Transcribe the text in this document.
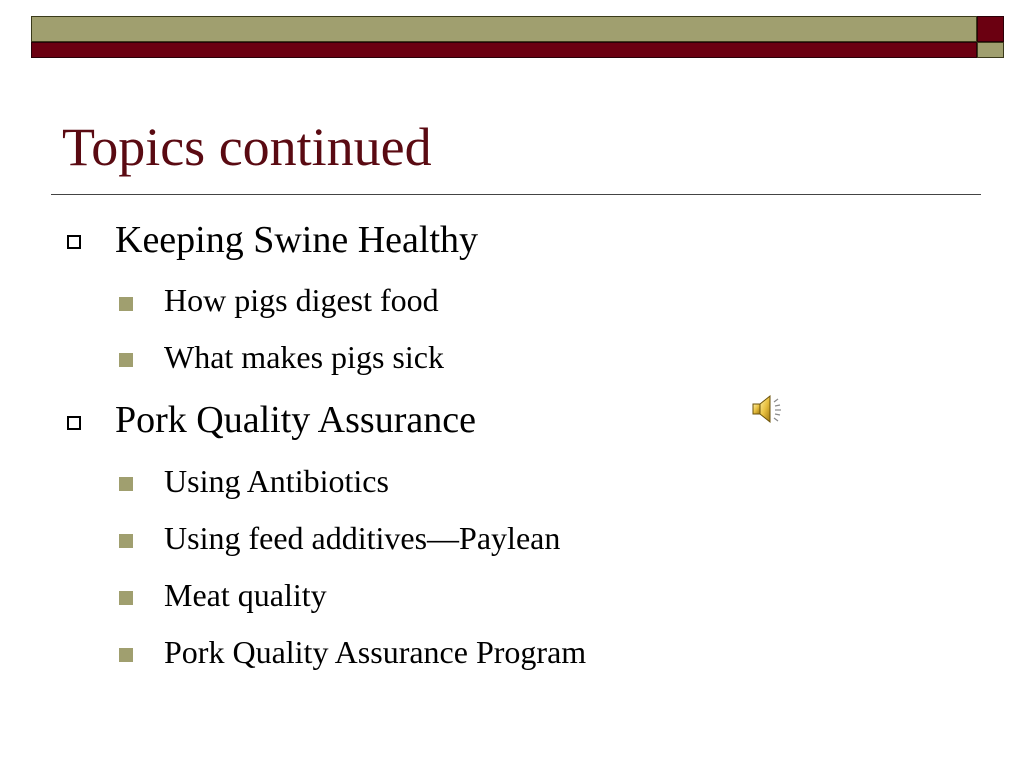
Topics continued
Keeping Swine Healthy
How pigs digest food
What makes pigs sick
Pork Quality Assurance
Using Antibiotics
Using feed additives—Paylean
Meat quality
Pork Quality Assurance Program
